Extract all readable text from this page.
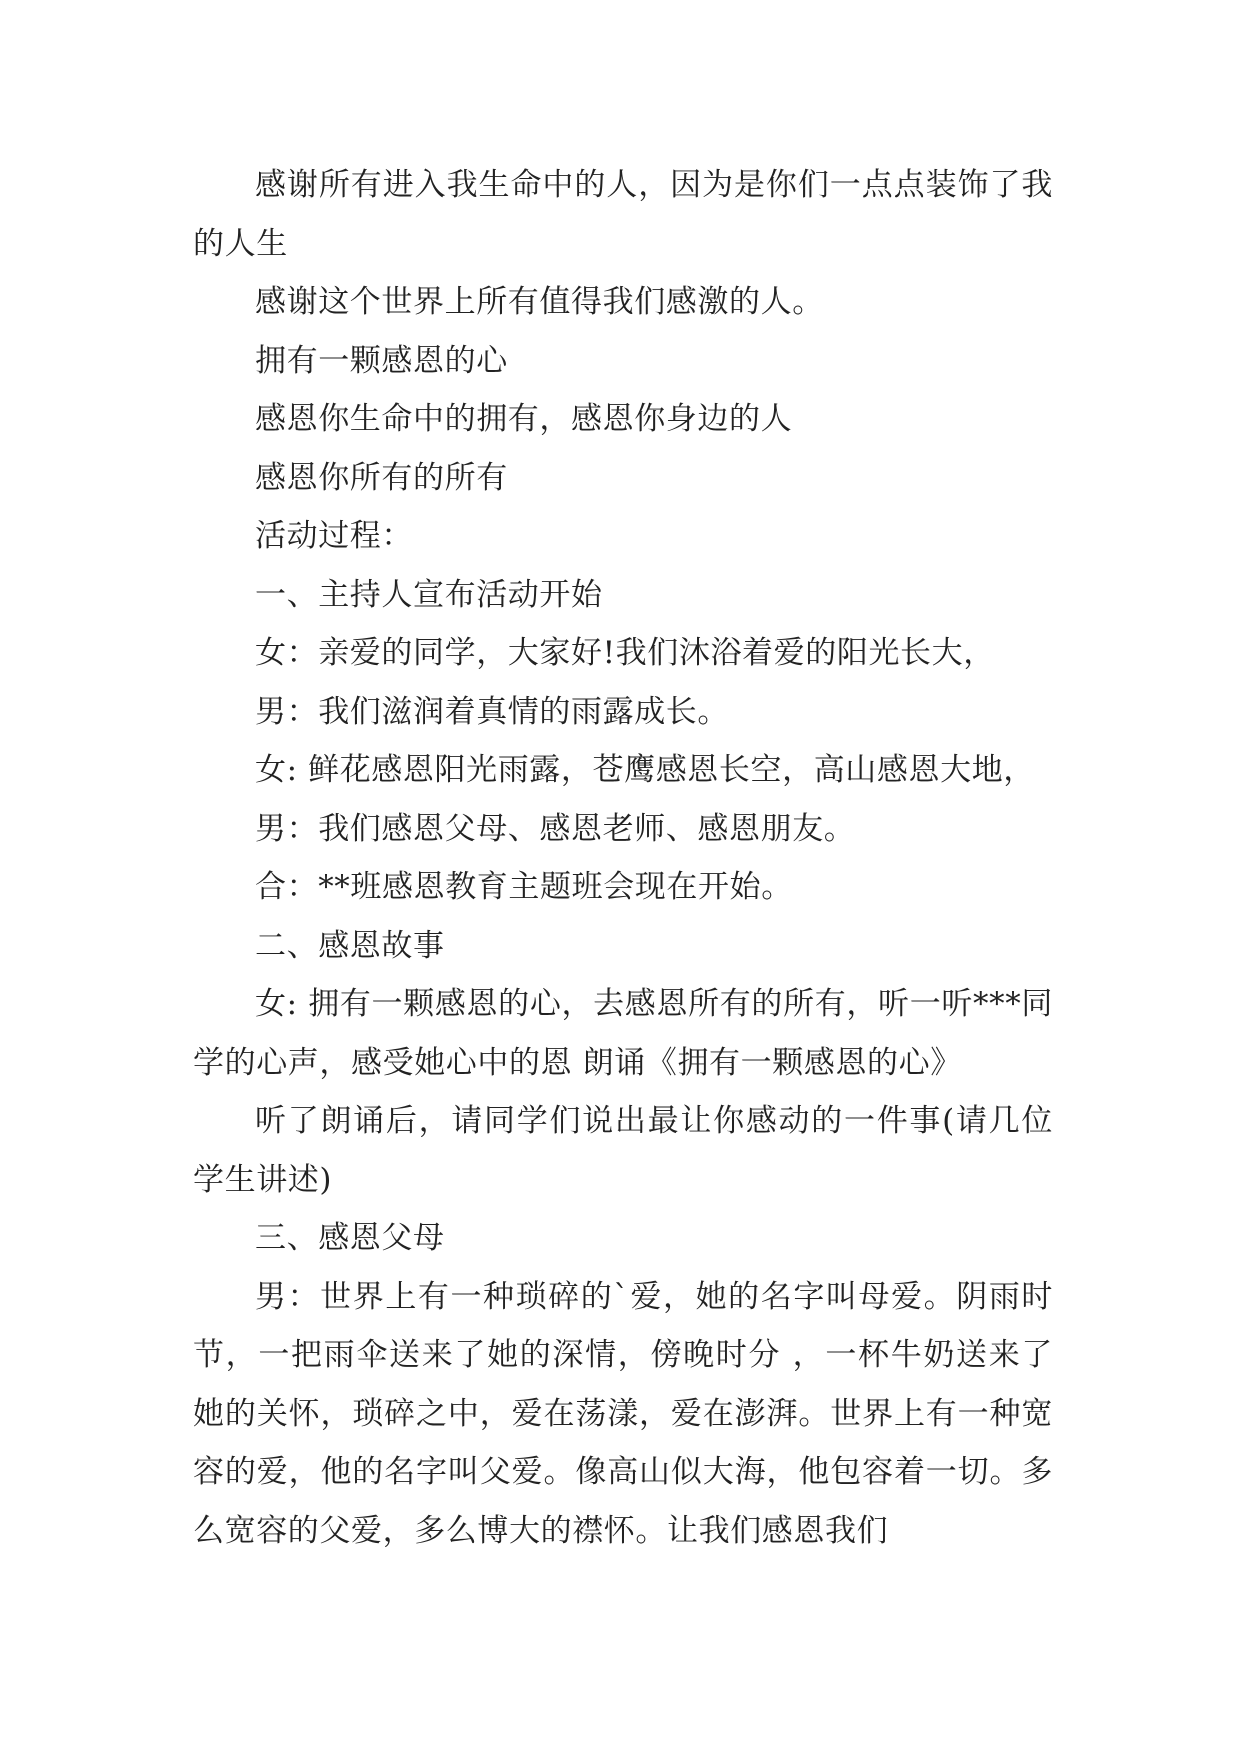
感谢所有进入我生命中的人，因为是你们一点点装饰了我的人生

感谢这个世界上所有值得我们感激的人。

拥有一颗感恩的心

感恩你生命中的拥有，感恩你身边的人

感恩你所有的所有

活动过程：

一、主持人宣布活动开始

女：亲爱的同学，大家好!我们沐浴着爱的阳光长大，

男：我们滋润着真情的雨露成长。

女: 鲜花感恩阳光雨露，苍鹰感恩长空，高山感恩大地，

男：我们感恩父母、感恩老师、感恩朋友。

合：**班感恩教育主题班会现在开始。

二、感恩故事

女: 拥有一颗感恩的心，去感恩所有的所有，听一听***同学的心声，感受她心中的恩 朗诵《拥有一颗感恩的心》

听了朗诵后，请同学们说出最让你感动的一件事(请几位学生讲述)

三、感恩父母

男：世界上有一种琐碎的`爱，她的名字叫母爱。阴雨时节，一把雨伞送来了她的深情，傍晚时分 ，一杯牛奶送来了她的关怀，琐碎之中，爱在荡漾，爱在澎湃。世界上有一种宽容的爱，他的名字叫父爱。像高山似大海，他包容着一切。多么宽容的父爱，多么博大的襟怀。让我们感恩我们
